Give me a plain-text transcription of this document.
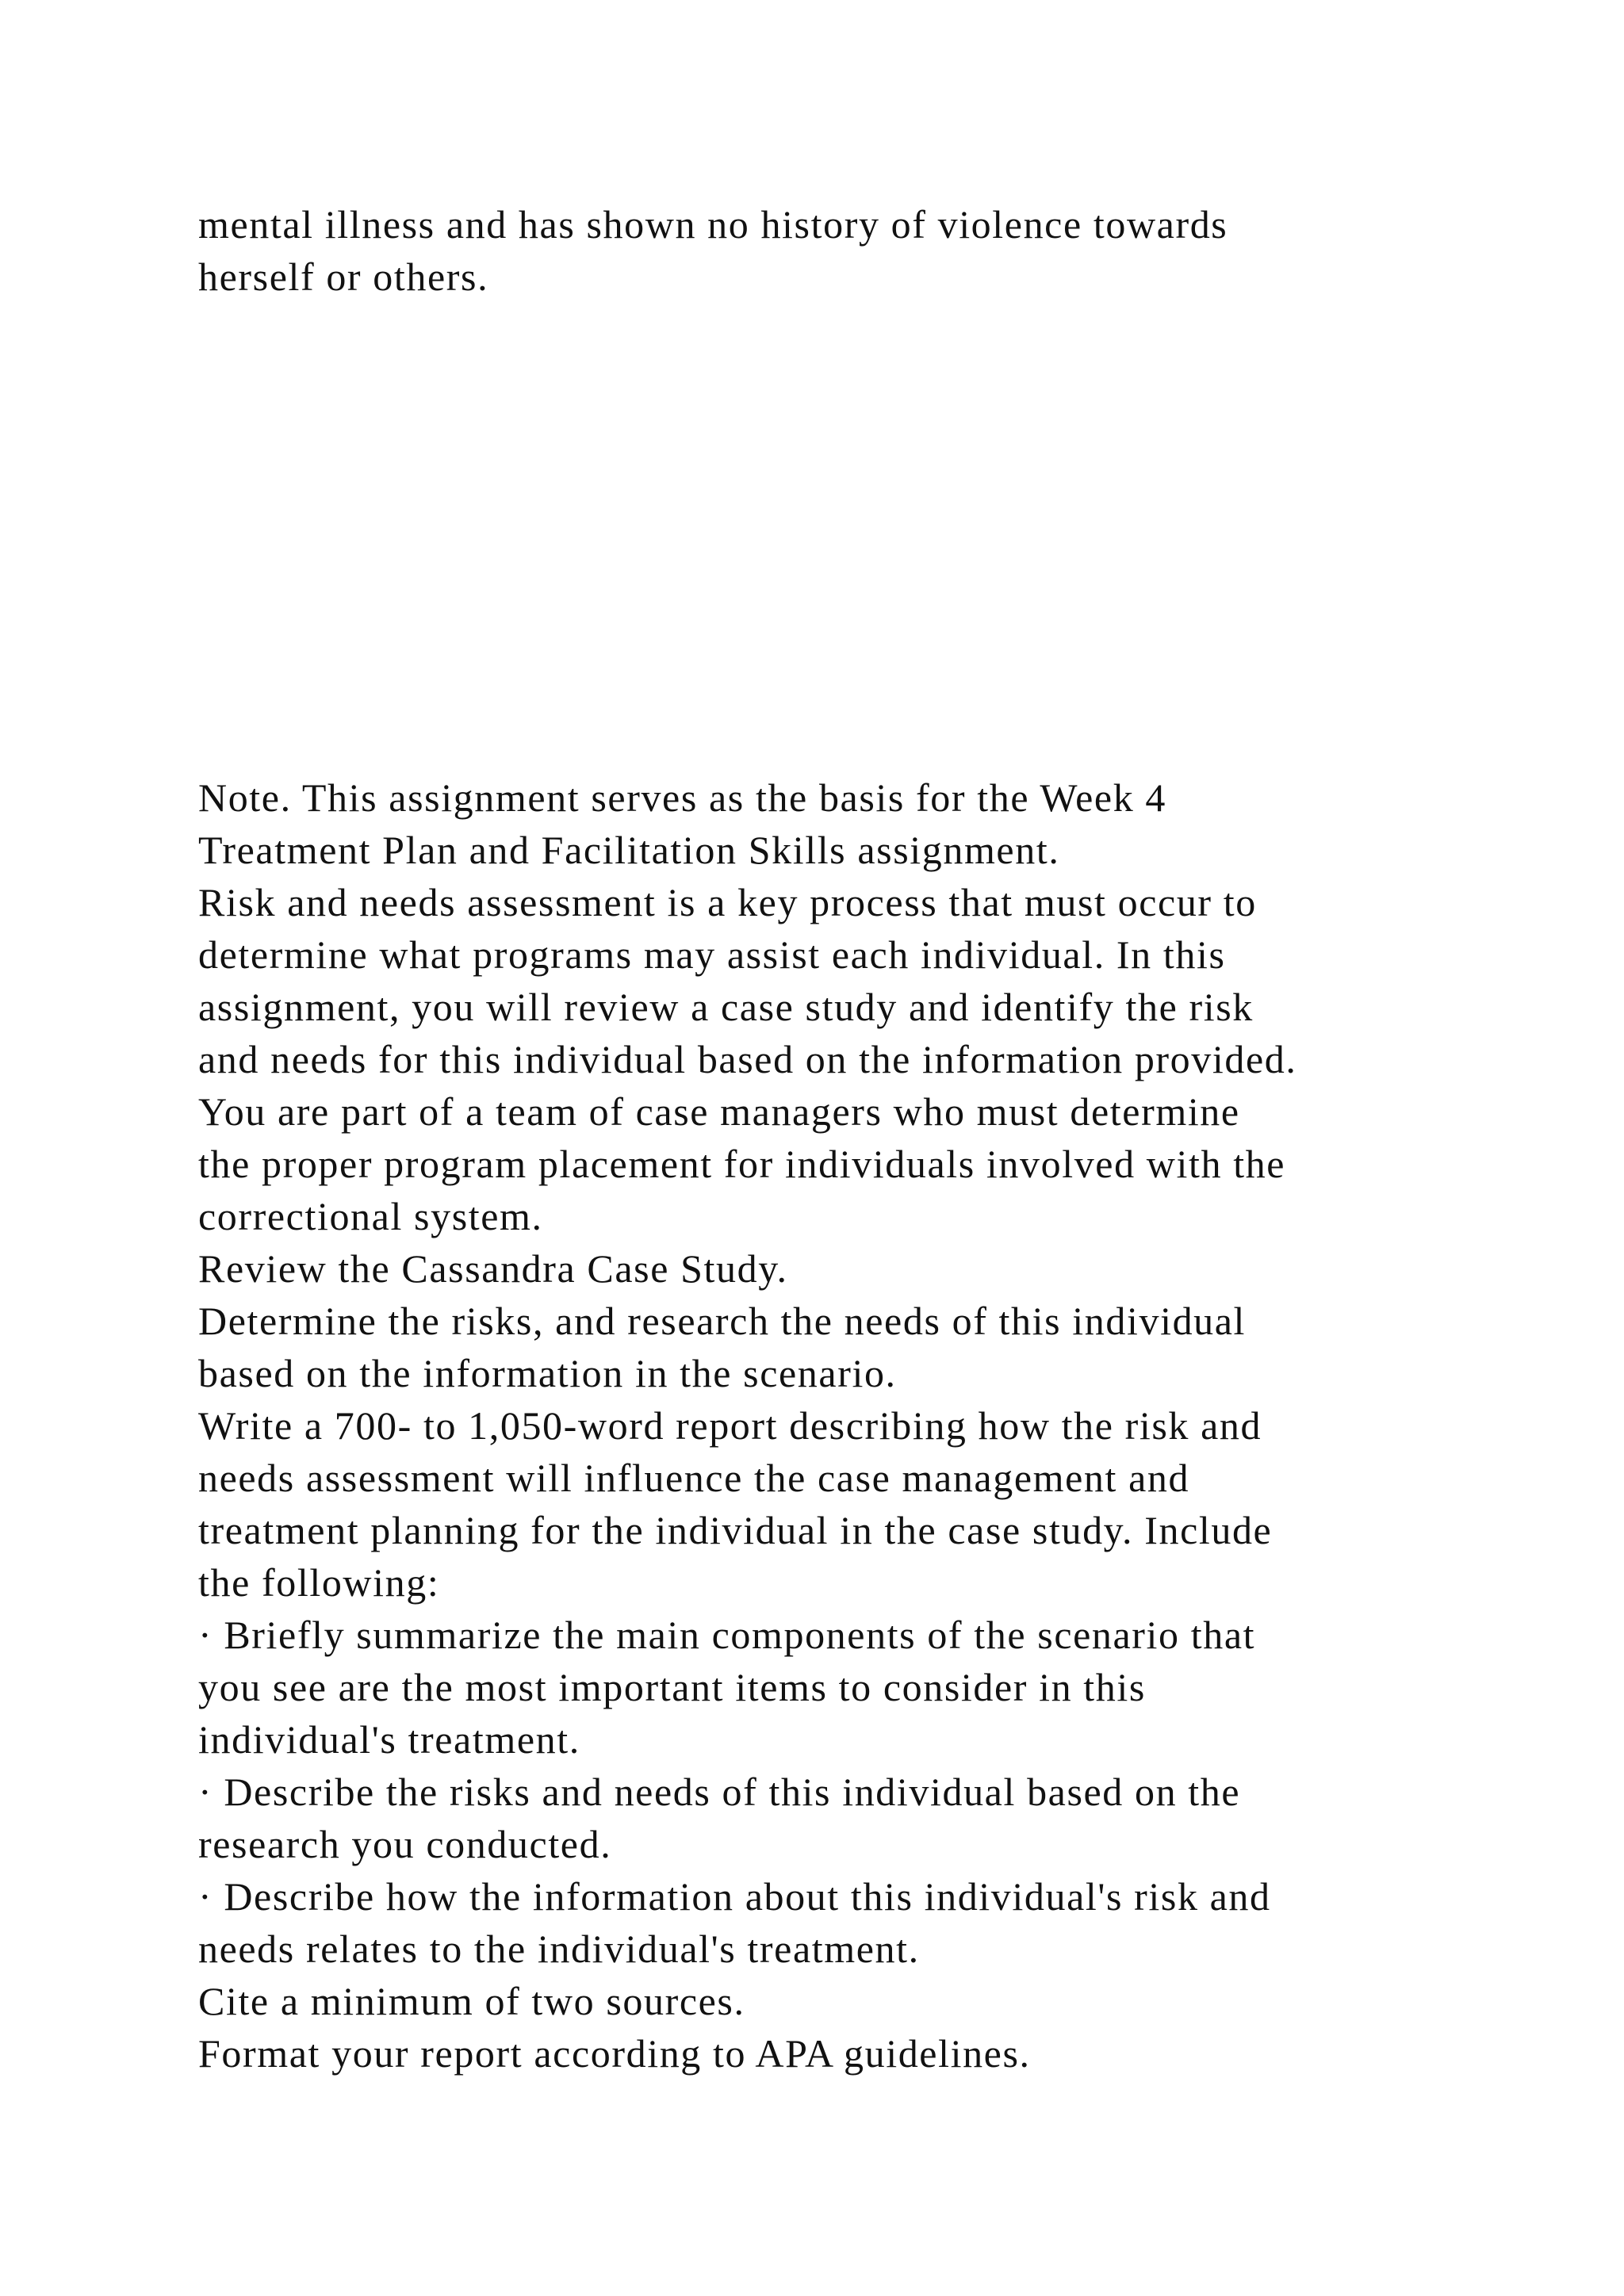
mental illness and has shown no history of violence towards

herself or others.

Note. This assignment serves as the basis for the Week 4

Treatment Plan and Facilitation Skills assignment.

Risk and needs assessment is a key process that must occur to

determine what programs may assist each individual. In this

assignment, you will review a case study and identify the risk

and needs for this individual based on the information provided.

You are part of a team of case managers who must determine

the proper program placement for individuals involved with the

correctional system.

Review the Cassandra Case Study.

Determine the risks, and research the needs of this individual

based on the information in the scenario.

Write a 700- to 1,050-word report describing how the risk and

needs assessment will influence the case management and

treatment planning for the individual in the case study. Include

the following:

· Briefly summarize the main components of the scenario that

you see are the most important items to consider in this

individual's treatment.

· Describe the risks and needs of this individual based on the

research you conducted.

· Describe how the information about this individual's risk and

needs relates to the individual's treatment.

Cite a minimum of two sources.

Format your report according to APA guidelines.
